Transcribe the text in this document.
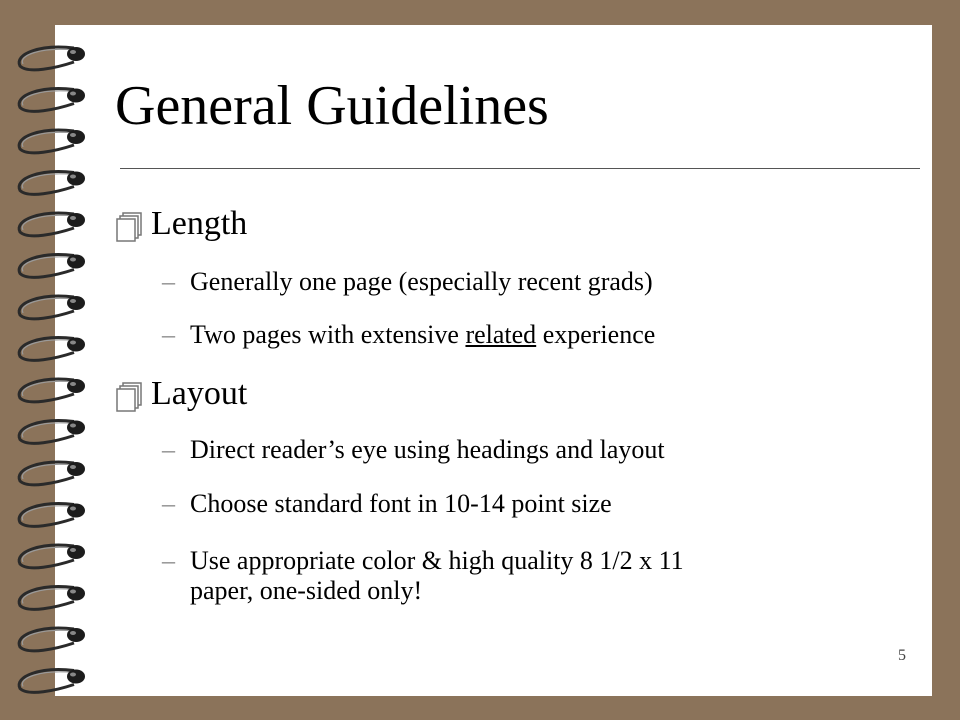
General Guidelines
Length
– Generally one page (especially recent grads)
– Two pages with extensive related experience
Layout
– Direct reader’s eye using headings and layout
– Choose standard font in 10-14 point size
– Use appropriate color & high quality 8 1/2 x 11
paper, one-sided only!
5
